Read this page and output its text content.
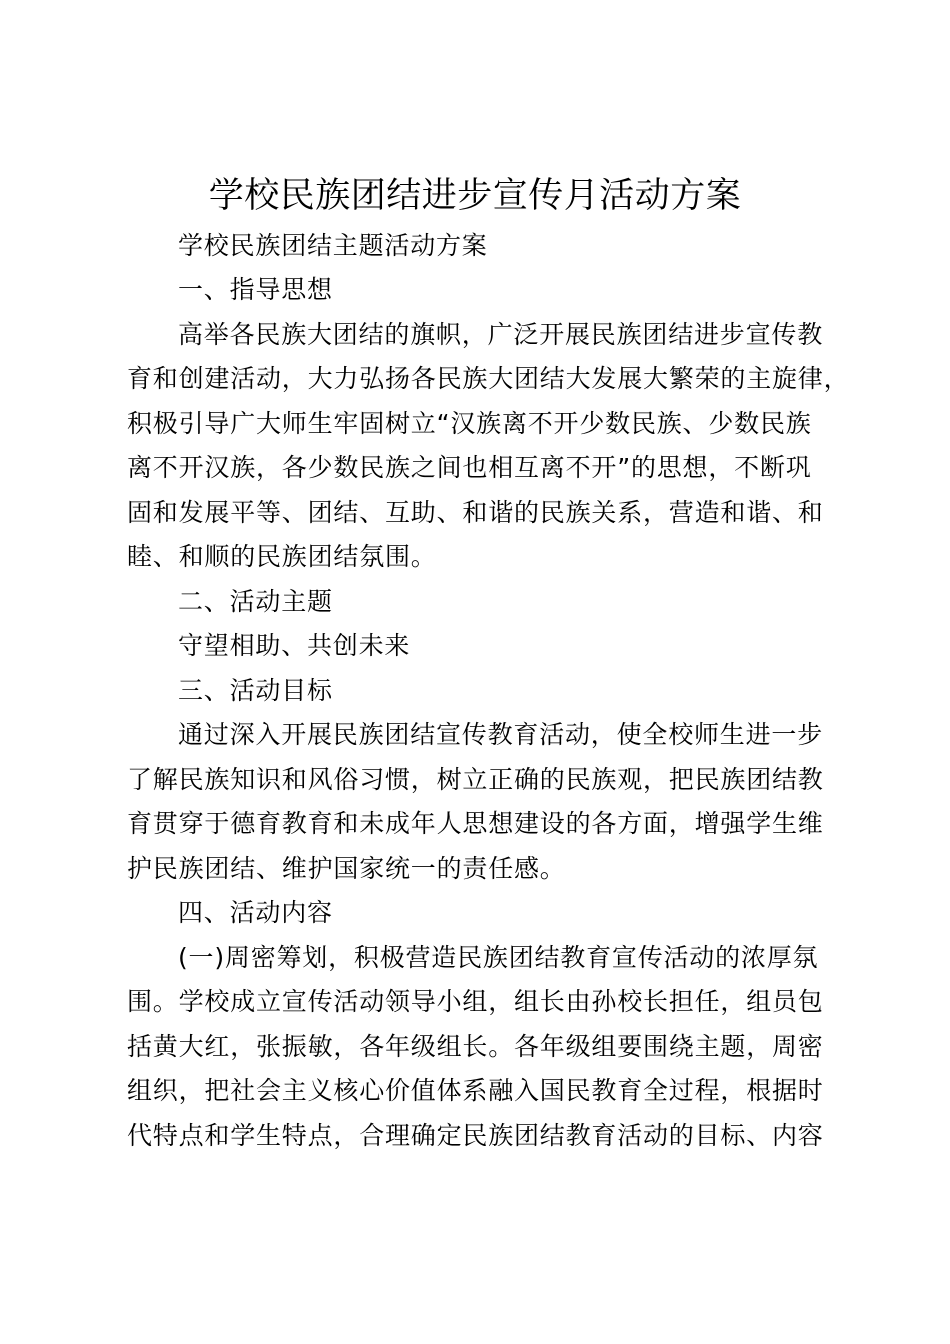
学校民族团结进步宣传月活动方案

学校民族团结主题活动方案

一、指导思想

高举各民族大团结的旗帜，广泛开展民族团结进步宣传教

育和创建活动，大力弘扬各民族大团结大发展大繁荣的主旋律，

积极引导广大师生牢固树立“汉族离不开少数民族、少数民族

离不开汉族，各少数民族之间也相互离不开”的思想，不断巩

固和发展平等、团结、互助、和谐的民族关系，营造和谐、和

睦、和顺的民族团结氛围。

二、活动主题

守望相助、共创未来

三、活动目标

通过深入开展民族团结宣传教育活动，使全校师生进一步

了解民族知识和风俗习惯，树立正确的民族观，把民族团结教

育贯穿于德育教育和未成年人思想建设的各方面，增强学生维

护民族团结、维护国家统一的责任感。

四、活动内容

(一)周密筹划，积极营造民族团结教育宣传活动的浓厚氛

围。学校成立宣传活动领导小组，组长由孙校长担任，组员包

括黄大红，张振敏，各年级组长。各年级组要围绕主题，周密

组织，把社会主义核心价值体系融入国民教育全过程，根据时

代特点和学生特点，合理确定民族团结教育活动的目标、内容
